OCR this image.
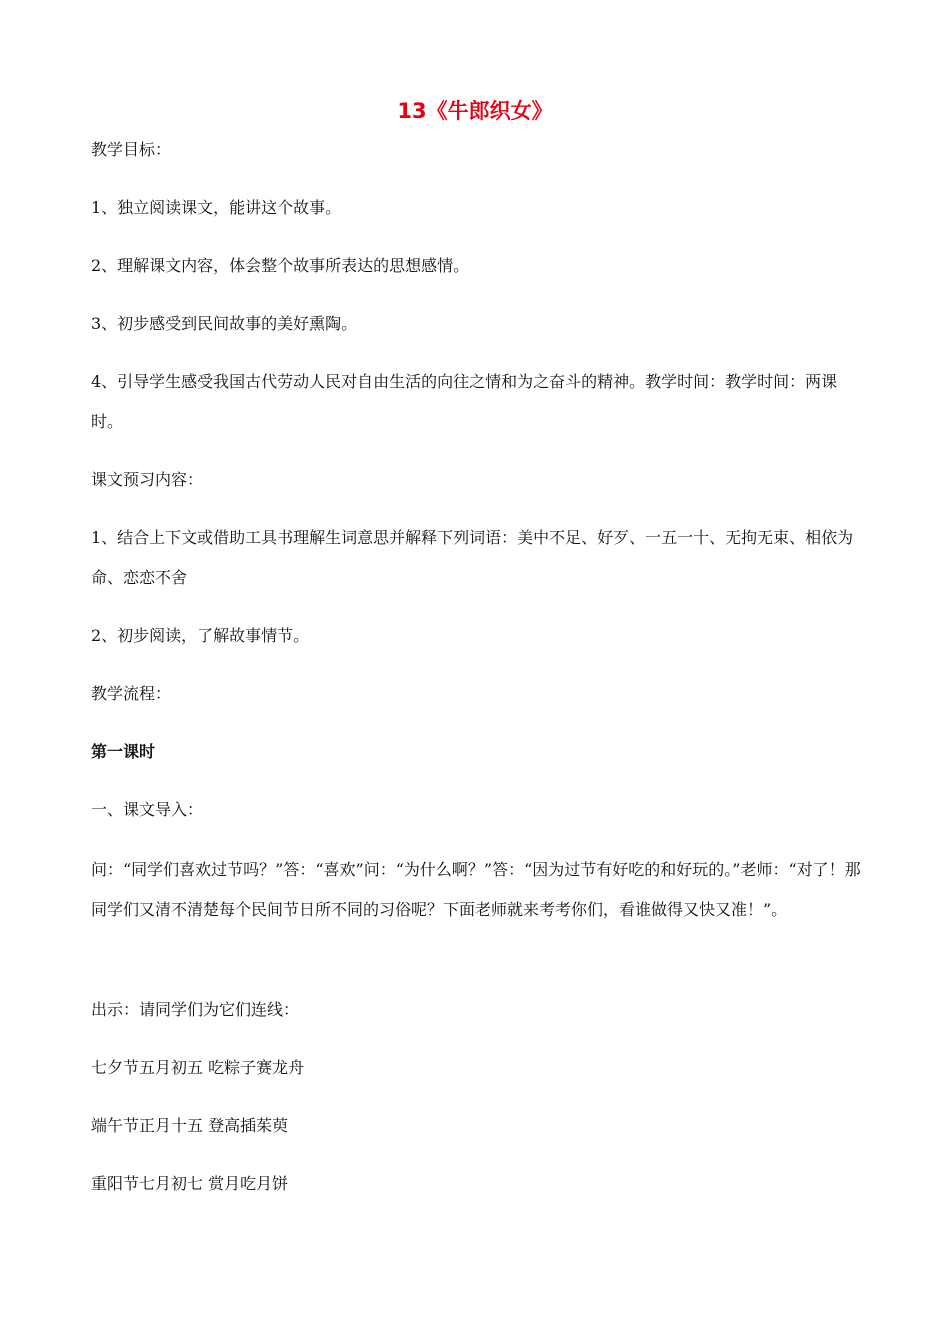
13《牛郎织女》
教学目标：
1、独立阅读课文，能讲这个故事。
2、理解课文内容，体会整个故事所表达的思想感情。
3、初步感受到民间故事的美好熏陶。
4、引导学生感受我国古代劳动人民对自由生活的向往之情和为之奋斗的精神。教学时间：教学时间：两课时。
课文预习内容：
1、结合上下文或借助工具书理解生词意思并解释下列词语：美中不足、好歹、一五一十、无拘无束、相依为命、恋恋不舍
2、初步阅读，了解故事情节。
教学流程：
第一课时
一、课文导入：
问：“同学们喜欢过节吗？”答：“喜欢”问：“为什么啊？”答：“因为过节有好吃的和好玩的。”老师：“对了！那同学们又清不清楚每个民间节日所不同的习俗呢？下面老师就来考考你们，看谁做得又快又准！”。
出示：请同学们为它们连线：
七夕节五月初五 吃粽子赛龙舟
端午节正月十五 登高插茱萸
重阳节七月初七 赏月吃月饼
